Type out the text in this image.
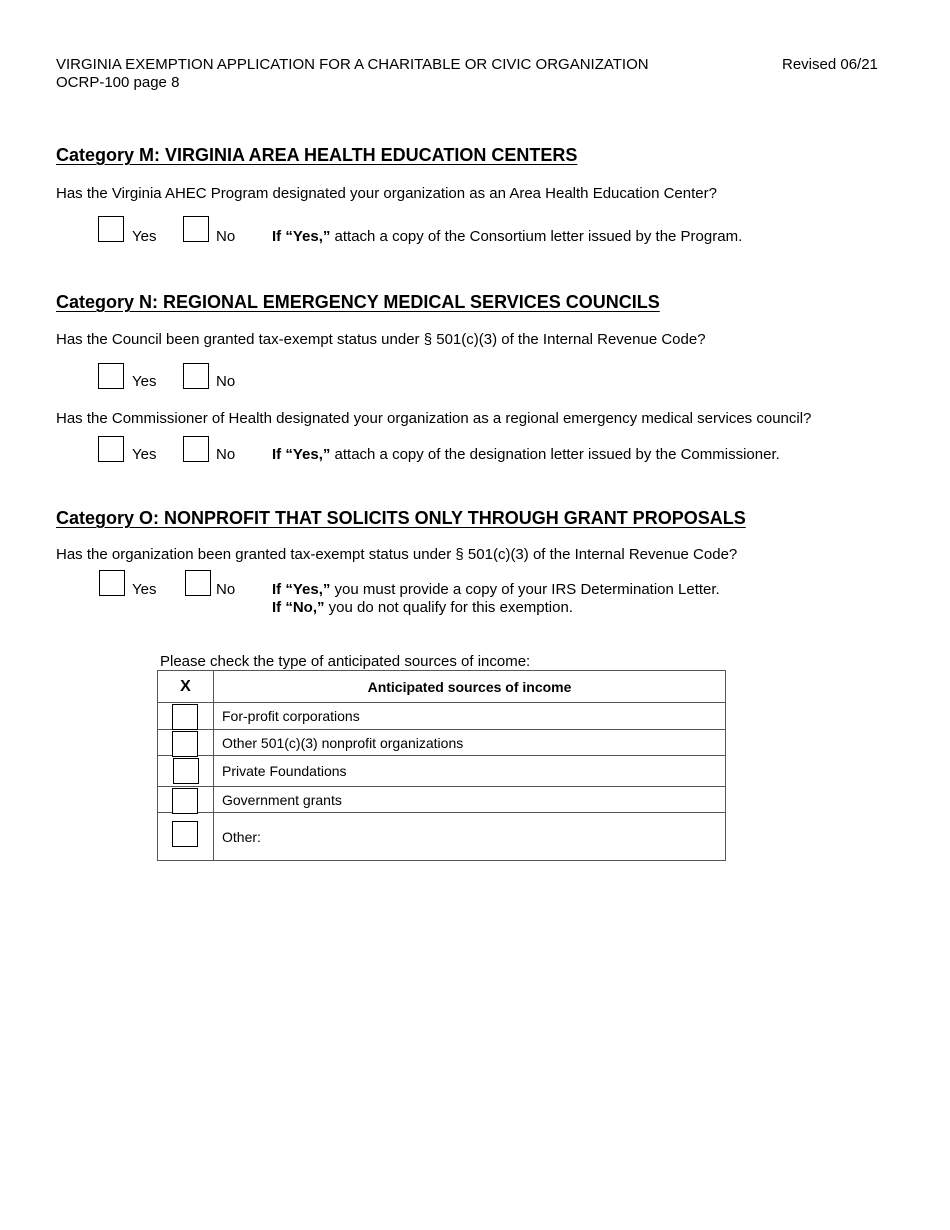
VIRGINIA EXEMPTION APPLICATION FOR A CHARITABLE OR CIVIC ORGANIZATION
OCRP-100 page 8
Revised 06/21
Category M: VIRGINIA AREA HEALTH EDUCATION CENTERS
Has the Virginia AHEC Program designated your organization as an Area Health Education Center?
Yes	No If “Yes,” attach a copy of the Consortium letter issued by the Program.
Category N: REGIONAL EMERGENCY MEDICAL SERVICES COUNCILS
Has the Council been granted tax-exempt status under § 501(c)(3) of the Internal Revenue Code?
Yes	No
Has the Commissioner of Health designated your organization as a regional emergency medical services council?
Yes	No If “Yes,” attach a copy of the designation letter issued by the Commissioner.
Category O: NONPROFIT THAT SOLICITS ONLY THROUGH GRANT PROPOSALS
Has the organization been granted tax-exempt status under § 501(c)(3) of the Internal Revenue Code?
Yes	No If “Yes,” you must provide a copy of your IRS Determination Letter.
If “No,” you do not qualify for this exemption.
Please check the type of anticipated sources of income:
X	Anticipated sources of income

	For-profit corporations

	Other 501(c)(3) nonprofit organizations

	Private Foundations

	Government grants

	Other:
